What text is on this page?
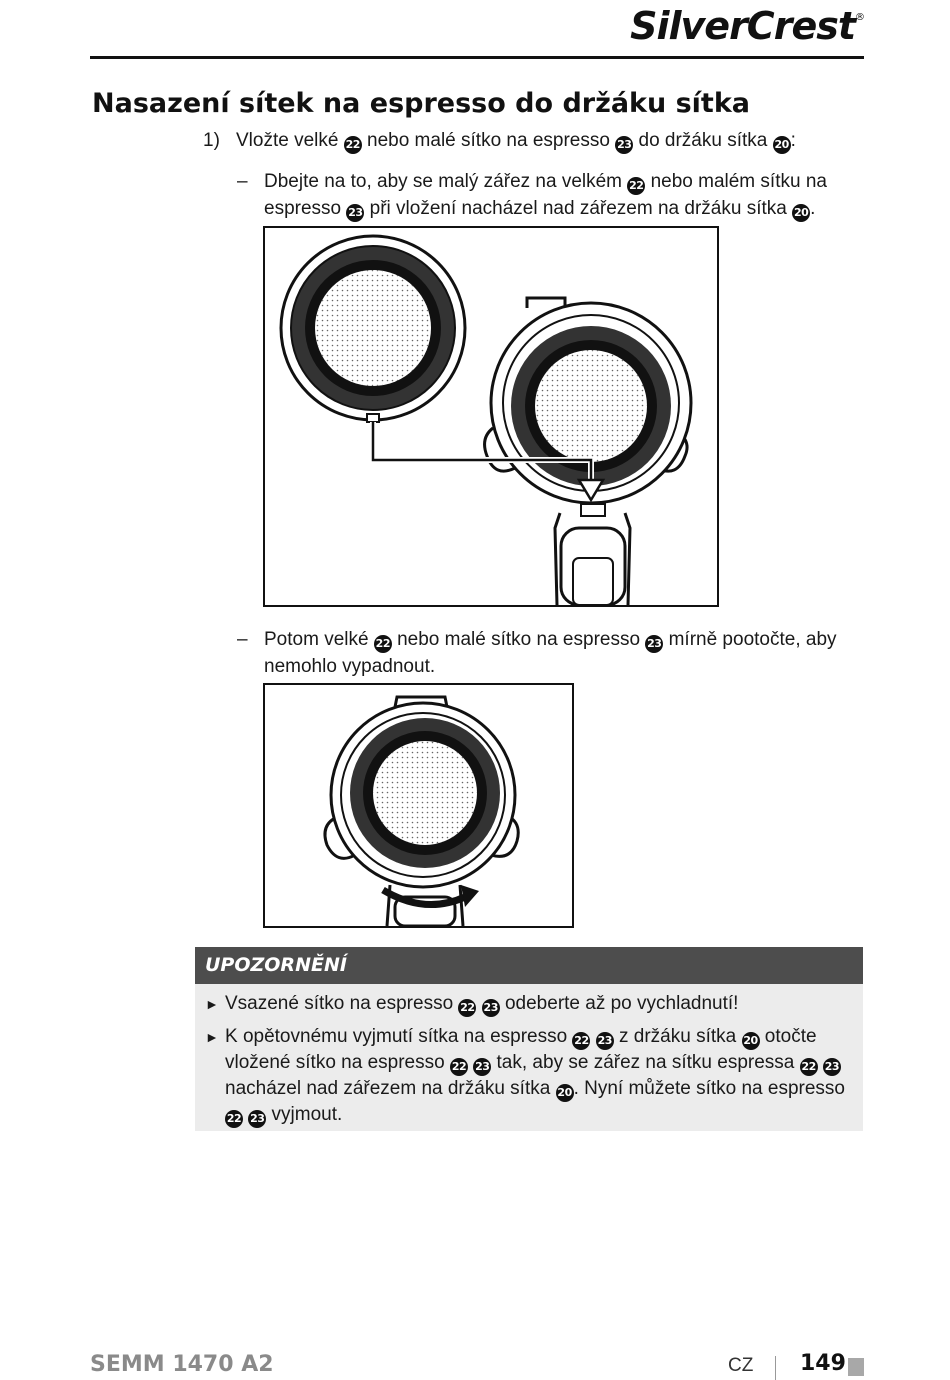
SilverCrest®
Nasazení sítek na espresso do držáku sítka
1) Vložte velké 22 nebo malé sítko na espresso 23 do držáku sítka 20:
– Dbejte na to, aby se malý zářez na velkém 22 nebo malém sítku na espresso 23 při vložení nacházel nad zářezem na držáku sítka 20.
– Potom velké 22 nebo malé sítko na espresso 23 mírně pootočte, aby nemohlo vypadnout.
UPOZORNĚNÍ
► Vsazené sítko na espresso 22 23 odeberte až po vychladnutí!
► K opětovnému vyjmutí sítka na espresso 22 23 z držáku sítka 20 otočte vložené sítko na espresso 22 23 tak, aby se zářez na sítku espressa 22 23 nacházel nad zářezem na držáku sítka 20. Nyní můžete sítko na espresso 22 23 vyjmout.
SEMM 1470 A2	CZ 149
